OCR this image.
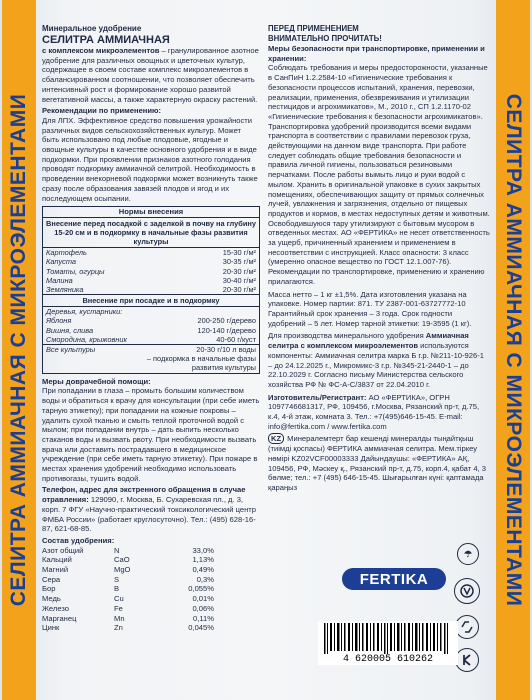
СЕЛИТРА АММИАЧНАЯ С МИКРОЭЛЕМЕНТАМИ	СЕЛИТРА АММИАЧНАЯ С МИКРОЭЛЕМЕНТАМИ
Минеральное удобрение
СЕЛИТРА АММИАЧНАЯ

с комплексом микроэлементов – гранулированное азотное удобрение для различных овощных и цветочных культур, содержащее в своем составе комплекс микроэлементов в сбалансированном соотношении, что позволяет обеспечить интенсивный рост и формирование хорошо развитой вегетативной массы, а также характерную окраску растений.

Рекомендации по применению:

Для ЛПХ. Эффективное средство повышения урожайности различных видов сельскохозяйственных культур. Может быть использовано под любые плодовые, ягодные и овощные культуры в качестве основного удобрения и в виде подкормки. При проявлении признаков азотного голодания проводят подкормку аммиачной селитрой. Необходимость в проведении внекорневой подкормки может возникнуть также сразу после образования завязей плодов и ягод и их последующем осыпании.

Нормы внесения
Внесение перед посадкой с заделкой в почву на глубину 15-20 см и в подкормку в начальные фазы развития культуры
Картофель	15-30 г/м²
Капуста	30-35 г/м²
Томаты, огурцы	20-30 г/м²
Малина	30-40 г/м²
Земляника	20-30 г/м²
Внесение при посадке и в подкормку
Деревья, кустарники:
Яблоня	200-250 г/дерево
Вишня, слива	120-140 г/дерево
Смородина, крыжовник	40-60 г/куст
Все культуры	20-30 г/10 л воды
– подкормка в начальные фазы развития культуры
Меры доврачебной помощи:

При попадании в глаза – промыть большим количеством воды и обратиться к врачу для консультации (при себе иметь тарную этикетку); при попадании на кожные покровы – удалить сухой тканью и смыть теплой проточной водой с мылом; при попадании внутрь – дать выпить несколько стаканов воды и вызвать рвоту. При необходимости вызвать врача или доставить пострадавшего в медицинское учреждение (при себе иметь тарную этикетку). При пожаре в местах хранения удобрений необходимо использовать противогазы, тушить водой.

Телефон, адрес для экстренного обращения в случае отравления: 129090, г. Москва, Б. Сухаревская пл., д. 3, корп. 7 ФГУ «Научно-практический токсикологический центр ФМБА России» (работает круглосуточно). Тел.: (495) 628-16-87, 621-68-85.

Состав удобрения:
Азот общий	N	33,0%
Кальций	CaO	1,13%
Магний	MgO	0,49%
Сера	S	0,3%
Бор	B	0,055%
Медь	Cu	0,01%
Железо	Fe	0,06%
Марганец	Mn	0,11%
Цинк	Zn	0,045%
ПЕРЕД ПРИМЕНЕНИЕМ
ВНИМАТЕЛЬНО ПРОЧИТАТЬ!
Меры безопасности при транспортировке, применении и хранении:

Соблюдать требования и меры предосторожности, указанные в СанПиН 1.2.2584-10 «Гигиенические требования к безопасности процессов испытаний, хранения, перевозки, реализации, применения, обезвреживания и утилизации пестицидов и агрохимикатов», М., 2010 г., СП 1.2.1170-02 «Гигиенические требования к безопасности агрохимикатов». Транспортировка удобрений производится всеми видами транспорта в соответствии с правилами перевозок груза, действующими на данном виде транспорта. При работе следует соблюдать общие требования безопасности и правила личной гигиены, пользоваться резиновыми перчатками. После работы вымыть лицо и руки водой с мылом. Хранить в оригинальной упаковке в сухих закрытых помещениях, обеспечивающих защиту от прямых солнечных лучей, увлажнения и загрязнения, отдельно от пищевых продуктов и кормов, в местах недоступных детям и животным. Освободившуюся тару утилизируют с бытовым мусором в отведенных местах. АО «ФЕРТИКА» не несет ответственность за ущерб, причиненный хранением и применением в несоответствии с инструкцией. Класс опасности: 3 класс (умеренно опасное вещество по ГОСТ 12.1.007-76). Рекомендации по транспортировке, применению и хранению прилагаются.

Масса нетто – 1 кг ±1,5%. Дата изготовления указана на упаковке. Номер партии: 871. ТУ 2387-001-63727772-10 Гарантийный срок хранения – 3 года. Срок годности удобрений – 5 лет. Номер тарной этикетки: 19-3595 (1 кг).

Для производства минерального удобрения Аммиачная селитра с комплексом микроэлементов используются компоненты: Аммиачная селитра марка Б г.р. №211-10-926-1 – до 24.12.2025 г., Микромикс-3 г.р. №345-21-2440-1 – до 22.10.2029 г. Согласно письму Министерства сельского хозяйства РФ № ФС-А-С/3837 от 22.04.2010 г.

Изготовитель/Регистрант: АО «ФЕРТИКА», ОГРН 1097746681317, РФ, 109456, г.Москва, Рязанский пр-т, д.75, к.4, 4-й этаж, комната 3. Тел.: +7(495)646-15-45. E-mail: info@fertika.com / www.fertika.com

KZ Минералемтерт бар кешенді минералды тыңайтқыш (тиімді қоспасы) ФЕРТИКА аммиачная селитра. Мем.тіркеу нөмірі KZ02VCF00003333 Дайындаушы: «ФЕРТИКА» АҚ, 109456, РФ, Мәскеу қ., Рязанский пр-т, д.75, корп.4, қабат 4, 3 бөлме; тел.: +7 (495) 646-15-45. Шығарылған күні: қаптамада қараңыз

FERTIKA
☂
4 620005 610262
